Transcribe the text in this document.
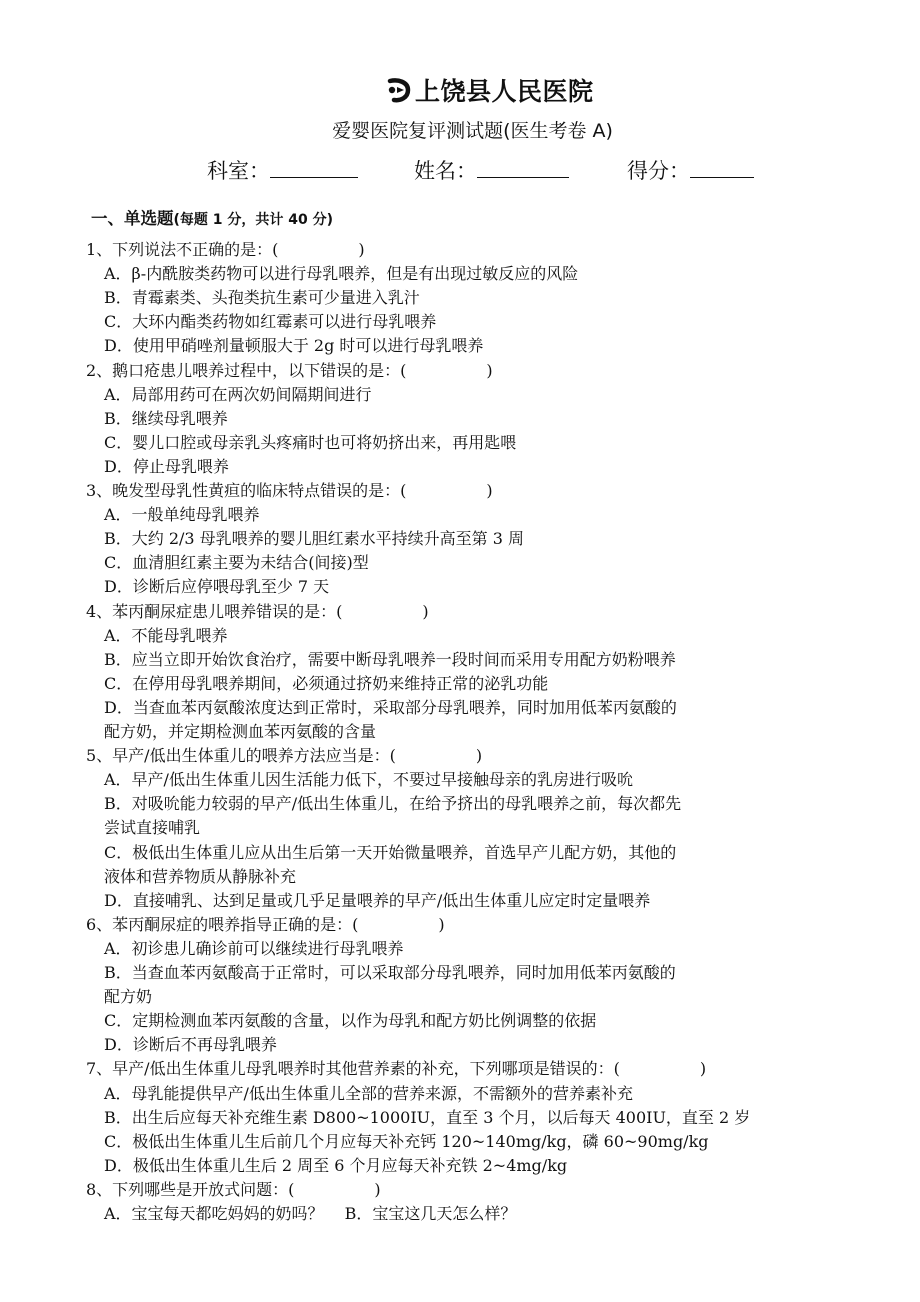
上饶县人民医院
爱婴医院复评测试题(医生考卷 A)
科室：	姓名：	得分：
一、单选题(每题 1 分，共计 40 分)
1、下列说法不正确的是：(　　　　　)
A．β-内酰胺类药物可以进行母乳喂养，但是有出现过敏反应的风险
B．青霉素类、头孢类抗生素可少量进入乳汁
C．大环内酯类药物如红霉素可以进行母乳喂养
D．使用甲硝唑剂量顿服大于 2g 时可以进行母乳喂养
2、鹅口疮患儿喂养过程中，以下错误的是：(　　　　　)
A．局部用药可在两次奶间隔期间进行
B．继续母乳喂养
C．婴儿口腔或母亲乳头疼痛时也可将奶挤出来，再用匙喂
D．停止母乳喂养
3、晚发型母乳性黄疸的临床特点错误的是：(　　　　　)
A．一般单纯母乳喂养
B．大约 2/3 母乳喂养的婴儿胆红素水平持续升高至第 3 周
C．血清胆红素主要为未结合(间接)型
D．诊断后应停喂母乳至少 7 天
4、苯丙酮尿症患儿喂养错误的是：(　　　　　)
A．不能母乳喂养
B．应当立即开始饮食治疗，需要中断母乳喂养一段时间而采用专用配方奶粉喂养
C．在停用母乳喂养期间，必须通过挤奶来维持正常的泌乳功能
D．当查血苯丙氨酸浓度达到正常时，采取部分母乳喂养，同时加用低苯丙氨酸的
配方奶，并定期检测血苯丙氨酸的含量
5、早产/低出生体重儿的喂养方法应当是：(　　　　　)
A．早产/低出生体重儿因生活能力低下，不要过早接触母亲的乳房进行吸吮
B．对吸吮能力较弱的早产/低出生体重儿，在给予挤出的母乳喂养之前，每次都先
尝试直接哺乳
C．极低出生体重儿应从出生后第一天开始微量喂养，首选早产儿配方奶，其他的
液体和营养物质从静脉补充
D．直接哺乳、达到足量或几乎足量喂养的早产/低出生体重儿应定时定量喂养
6、苯丙酮尿症的喂养指导正确的是：(　　　　　)
A．初诊患儿确诊前可以继续进行母乳喂养
B．当查血苯丙氨酸高于正常时，可以采取部分母乳喂养，同时加用低苯丙氨酸的
配方奶
C．定期检测血苯丙氨酸的含量，以作为母乳和配方奶比例调整的依据
D．诊断后不再母乳喂养
7、早产/低出生体重儿母乳喂养时其他营养素的补充，下列哪项是错误的：(　　　　　)
A．母乳能提供早产/低出生体重儿全部的营养来源，不需额外的营养素补充
B．出生后应每天补充维生素 D800~1000IU，直至 3 个月，以后每天 400IU，直至 2 岁
C．极低出生体重儿生后前几个月应每天补充钙 120~140mg/kg，磷 60~90mg/kg
D．极低出生体重儿生后 2 周至 6 个月应每天补充铁 2~4mg/kg
8、下列哪些是开放式问题：(　　　　　)
A．宝宝每天都吃妈妈的奶吗？　 B．宝宝这几天怎么样？
